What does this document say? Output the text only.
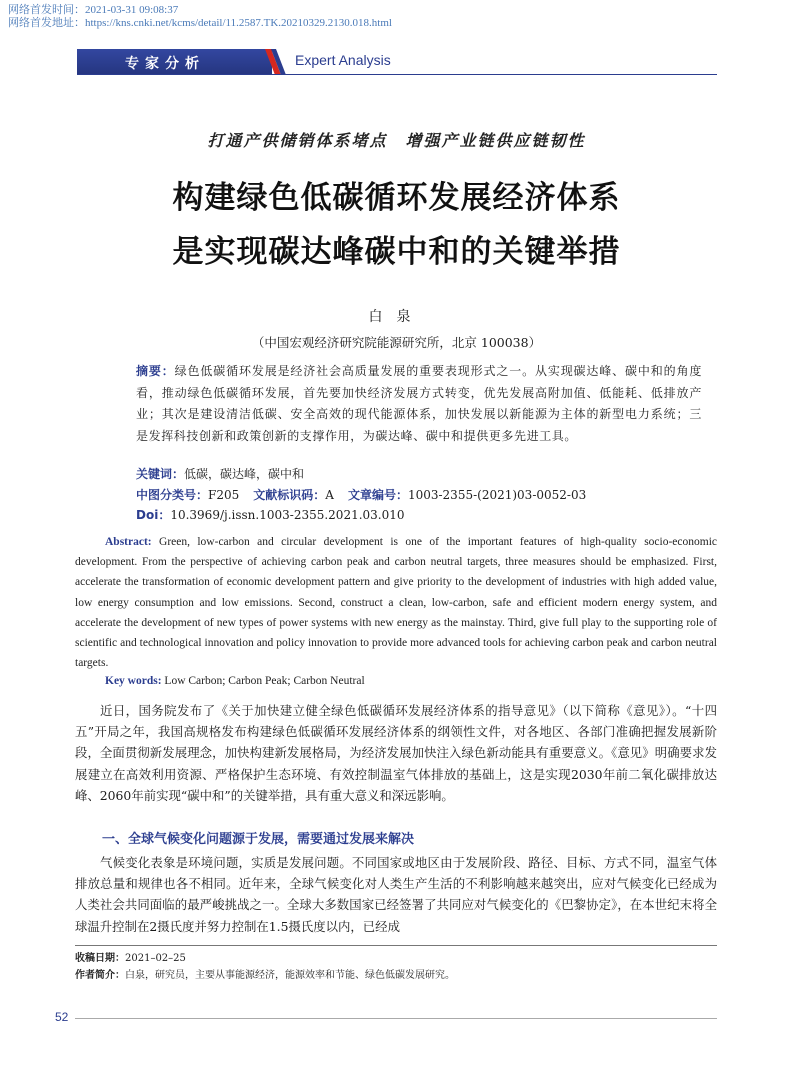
网络首发时间：2021-03-31 09:08:37
网络首发地址：https://kns.cnki.net/kcms/detail/11.2587.TK.20210329.2130.018.html
专家分析	Expert Analysis
打通产供储销体系堵点　增强产业链供应链韧性
构建绿色低碳循环发展经济体系
是实现碳达峰碳中和的关键举措
白泉
（中国宏观经济研究院能源研究所，北京 100038）
摘要：绿色低碳循环发展是经济社会高质量发展的重要表现形式之一。从实现碳达峰、碳中和的角度看，推动绿色低碳循环发展，首先要加快经济发展方式转变，优先发展高附加值、低能耗、低排放产业；其次是建设清洁低碳、安全高效的现代能源体系，加快发展以新能源为主体的新型电力系统；三是发挥科技创新和政策创新的支撑作用，为碳达峰、碳中和提供更多先进工具。
关键词：低碳，碳达峰，碳中和
中图分类号：F205 文献标识码：A 文章编号：1003-2355-(2021)03-0052-03
Doi：10.3969/j.issn.1003-2355.2021.03.010
Abstract: Green, low-carbon and circular development is one of the important features of high-quality socio-economic development. From the perspective of achieving carbon peak and carbon neutral targets, three measures should be emphasized. First, accelerate the transformation of economic development pattern and give priority to the development of industries with high added value, low energy consumption and low emissions. Second, construct a clean, low-carbon, safe and efficient modern energy system, and accelerate the development of new types of power systems with new energy as the mainstay. Third, give full play to the supporting role of scientific and technological innovation and policy innovation to provide more advanced tools for achieving carbon peak and carbon neutral targets.
Key words: Low Carbon; Carbon Peak; Carbon Neutral
近日，国务院发布了《关于加快建立健全绿色低碳循环发展经济体系的指导意见》（以下简称《意见》）。“十四五”开局之年，我国高规格发布构建绿色低碳循环发展经济体系的纲领性文件，对各地区、各部门准确把握发展新阶段，全面贯彻新发展理念，加快构建新发展格局，为经济发展加快注入绿色新动能具有重要意义。《意见》明确要求发展建立在高效利用资源、严格保护生态环境、有效控制温室气体排放的基础上，这是实现2030年前二氧化碳排放达峰、2060年前实现“碳中和”的关键举措，具有重大意义和深远影响。
一、全球气候变化问题源于发展，需要通过发展来解决
气候变化表象是环境问题，实质是发展问题。不同国家或地区由于发展阶段、路径、目标、方式不同，温室气体排放总量和规律也各不相同。近年来，全球气候变化对人类生产生活的不利影响越来越突出，应对气候变化已经成为人类社会共同面临的最严峻挑战之一。全球大多数国家已经签署了共同应对气候变化的《巴黎协定》，在本世纪末将全球温升控制在2摄氏度并努力控制在1.5摄氏度以内，已经成
收稿日期：2021–02–25
作者简介：白泉，研究员，主要从事能源经济，能源效率和节能、绿色低碳发展研究。
52
